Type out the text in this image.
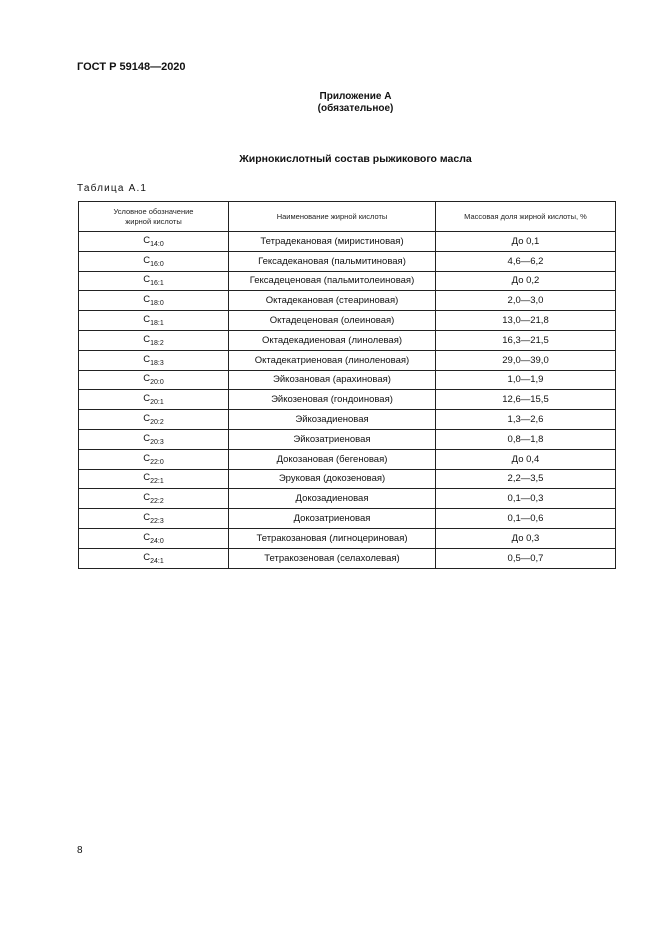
ГОСТ Р 59148—2020
Приложение А
(обязательное)
Жирнокислотный состав рыжикового масла
Таблица А.1
Условное обозначение жирной кислоты	Наименование жирной кислоты	Массовая доля жирной кислоты, %
$C_{14:0}$	Тетрадекановая (миристиновая)	До 0,1
$C_{16:0}$	Гексадекановая (пальмитиновая)	4,6—6,2
$C_{16:1}$	Гексадеценовая (пальмитолеиновая)	До 0,2
$C_{18:0}$	Октадекановая (стеариновая)	2,0—3,0
$C_{18:1}$	Октадеценовая (олеиновая)	13,0—21,8
$C_{18:2}$	Октадекадиеновая (линолевая)	16,3—21,5
$C_{18:3}$	Октадекатриеновая (линоленовая)	29,0—39,0
$C_{20:0}$	Эйкозановая (арахиновая)	1,0—1,9
$C_{20:1}$	Эйкозеновая (гондоиновая)	12,6—15,5
$C_{20:2}$	Эйкозадиеновая	1,3—2,6
$C_{20:3}$	Эйкозатриеновая	0,8—1,8
$C_{22:0}$	Докозановая (бегеновая)	До 0,4
$C_{22:1}$	Эруковая (докозеновая)	2,2—3,5
$C_{22:2}$	Докозадиеновая	0,1—0,3
$C_{22:3}$	Докозатриеновая	0,1—0,6
$C_{24:0}$	Тетракозановая (лигноцериновая)	До 0,3
$C_{24:1}$	Тетракозеновая (селахолевая)	0,5—0,7
8
